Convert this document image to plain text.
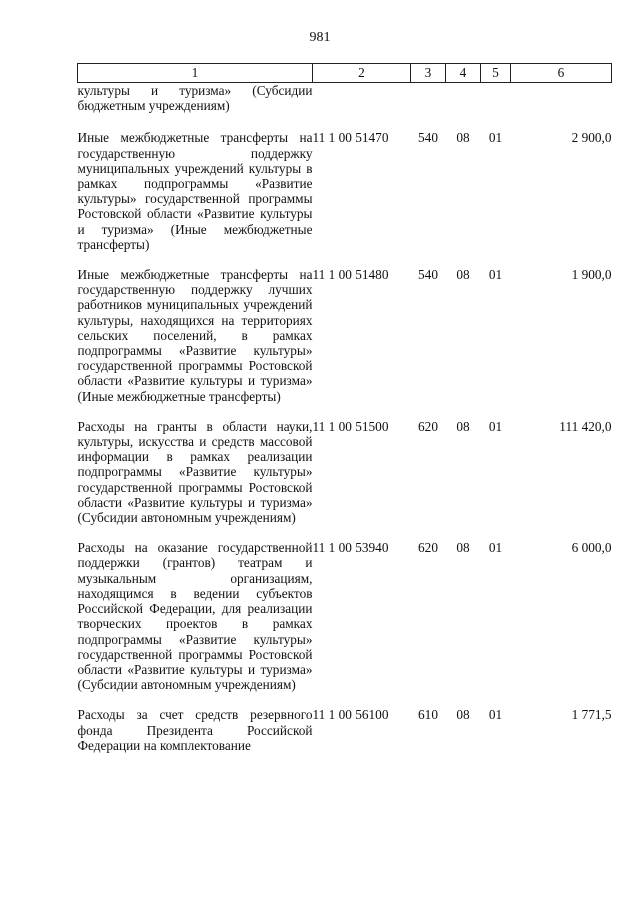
981
1	2	3	4	5	6
культуры и туризма» (Субсидии бюджетным учреждениям)					
Иные межбюджетные трансферты на государственную поддержку муниципальных учреждений культуры в рамках подпрограммы «Развитие культуры» государственной программы Ростовской области «Развитие культуры и туризма» (Иные межбюджетные трансферты)	11 1 00 51470	540	08	01	2 900,0
Иные межбюджетные трансферты на государственную поддержку лучших работников муниципальных учреждений культуры, находящихся на территориях сельских поселений, в рамках подпрограммы «Развитие культуры» государственной программы Ростовской области «Развитие культуры и туризма» (Иные межбюджетные трансферты)	11 1 00 51480	540	08	01	1 900,0
Расходы на гранты в области науки, культуры, искусства и средств массовой информации в рамках реализации подпрограммы «Развитие культуры» государственной программы Ростовской области «Развитие культуры и туризма» (Субсидии автономным учреждениям)	11 1 00 51500	620	08	01	111 420,0
Расходы на оказание государственной поддержки (грантов) театрам и музыкальным организациям, находящимся в ведении субъектов Российской Федерации, для реализации творческих проектов в рамках подпрограммы «Развитие культуры» государственной программы Ростовской области «Развитие культуры и туризма» (Субсидии автономным учреждениям)	11 1 00 53940	620	08	01	6 000,0
Расходы за счет средств резервного фонда Президента Российской Федерации на комплектование	11 1 00 56100	610	08	01	1 771,5
